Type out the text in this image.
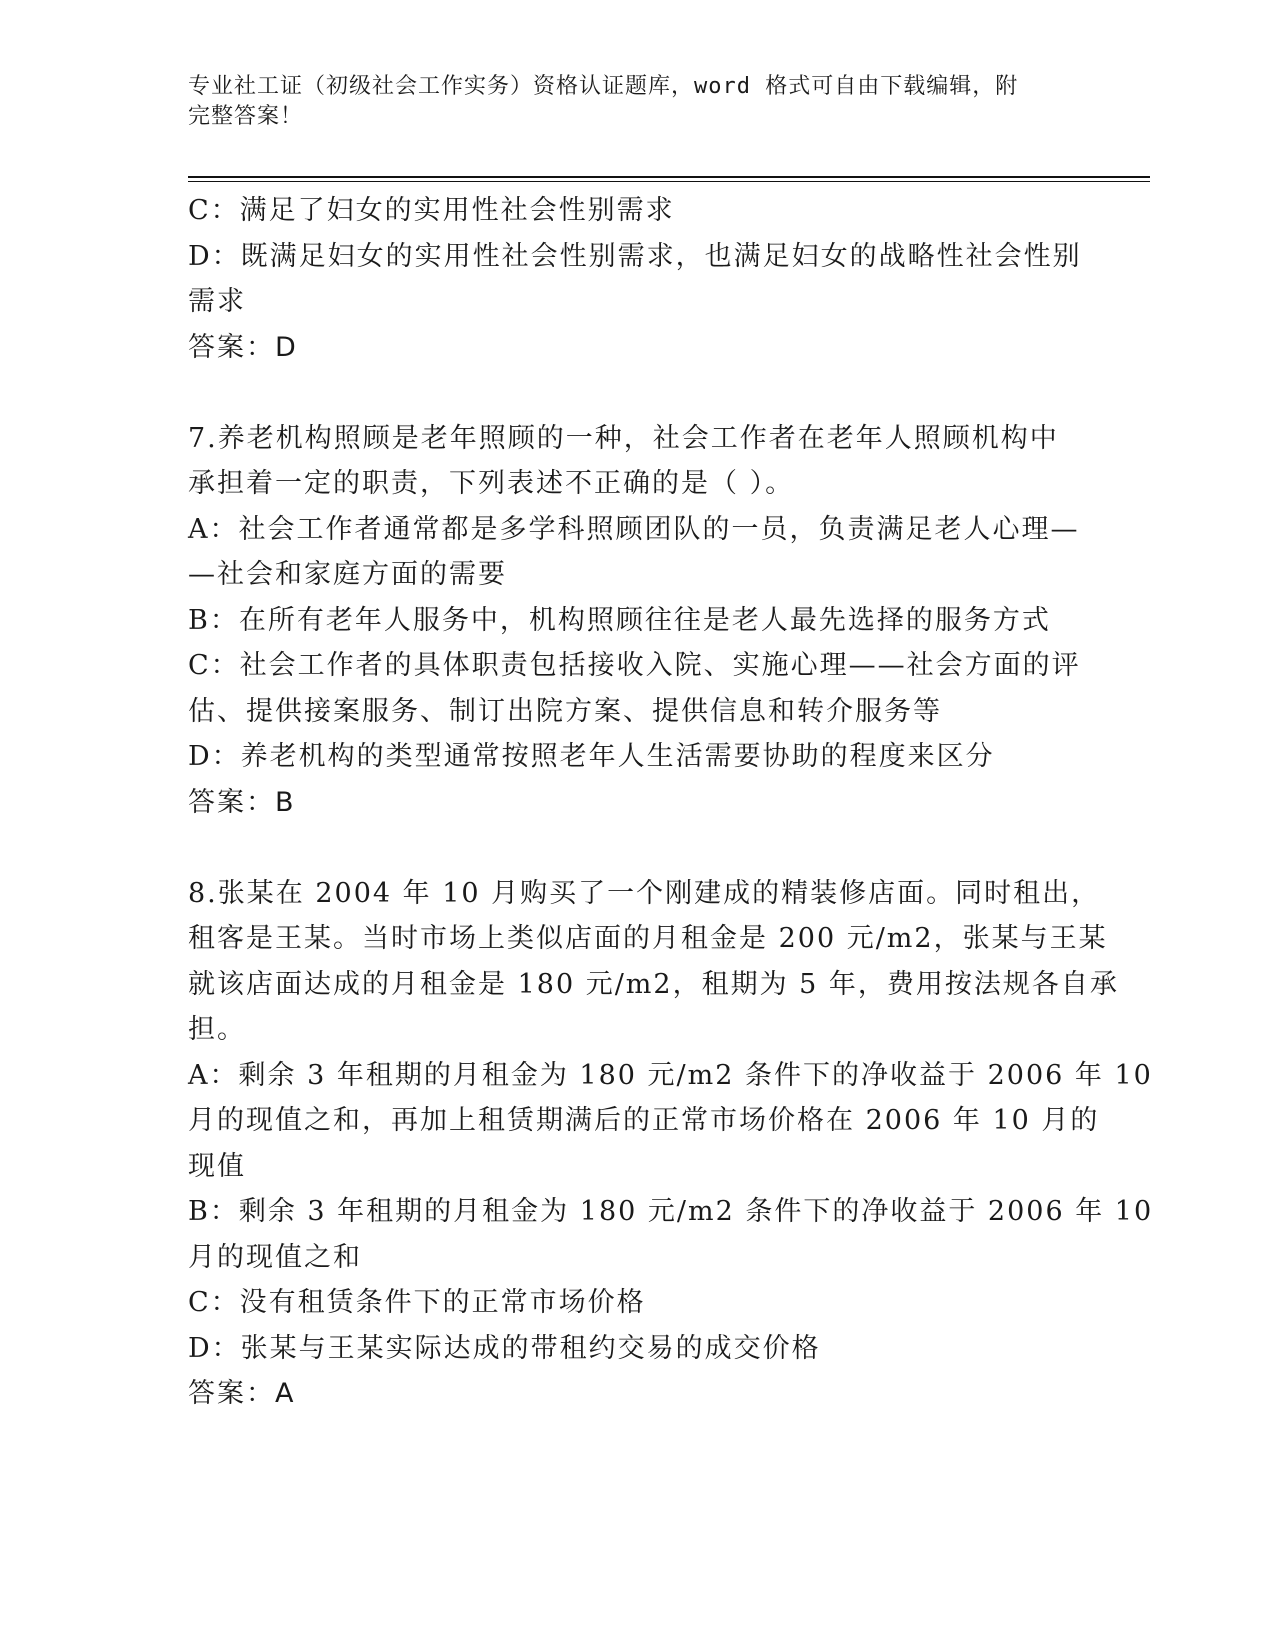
专业社工证（初级社会工作实务）资格认证题库，word 格式可自由下载编辑，附
完整答案！
C：满足了妇女的实用性社会性别需求
D：既满足妇女的实用性社会性别需求，也满足妇女的战略性社会性别
需求
答案：D
7.养老机构照顾是老年照顾的一种，社会工作者在老年人照顾机构中
承担着一定的职责，下列表述不正确的是（ ）。
A：社会工作者通常都是多学科照顾团队的一员，负责满足老人心理—
—社会和家庭方面的需要
B：在所有老年人服务中，机构照顾往往是老人最先选择的服务方式
C：社会工作者的具体职责包括接收入院、实施心理——社会方面的评
估、提供接案服务、制订出院方案、提供信息和转介服务等
D：养老机构的类型通常按照老年人生活需要协助的程度来区分
答案：B
8.张某在 2004 年 10 月购买了一个刚建成的精装修店面。同时租出，
租客是王某。当时市场上类似店面的月租金是 200 元/m2，张某与王某
就该店面达成的月租金是 180 元/m2，租期为 5 年，费用按法规各自承
担。
A：剩余 3 年租期的月租金为 180 元/m2 条件下的净收益于 2006 年 10
月的现值之和，再加上租赁期满后的正常市场价格在 2006 年 10 月的
现值
B：剩余 3 年租期的月租金为 180 元/m2 条件下的净收益于 2006 年 10
月的现值之和
C：没有租赁条件下的正常市场价格
D：张某与王某实际达成的带租约交易的成交价格
答案：A
